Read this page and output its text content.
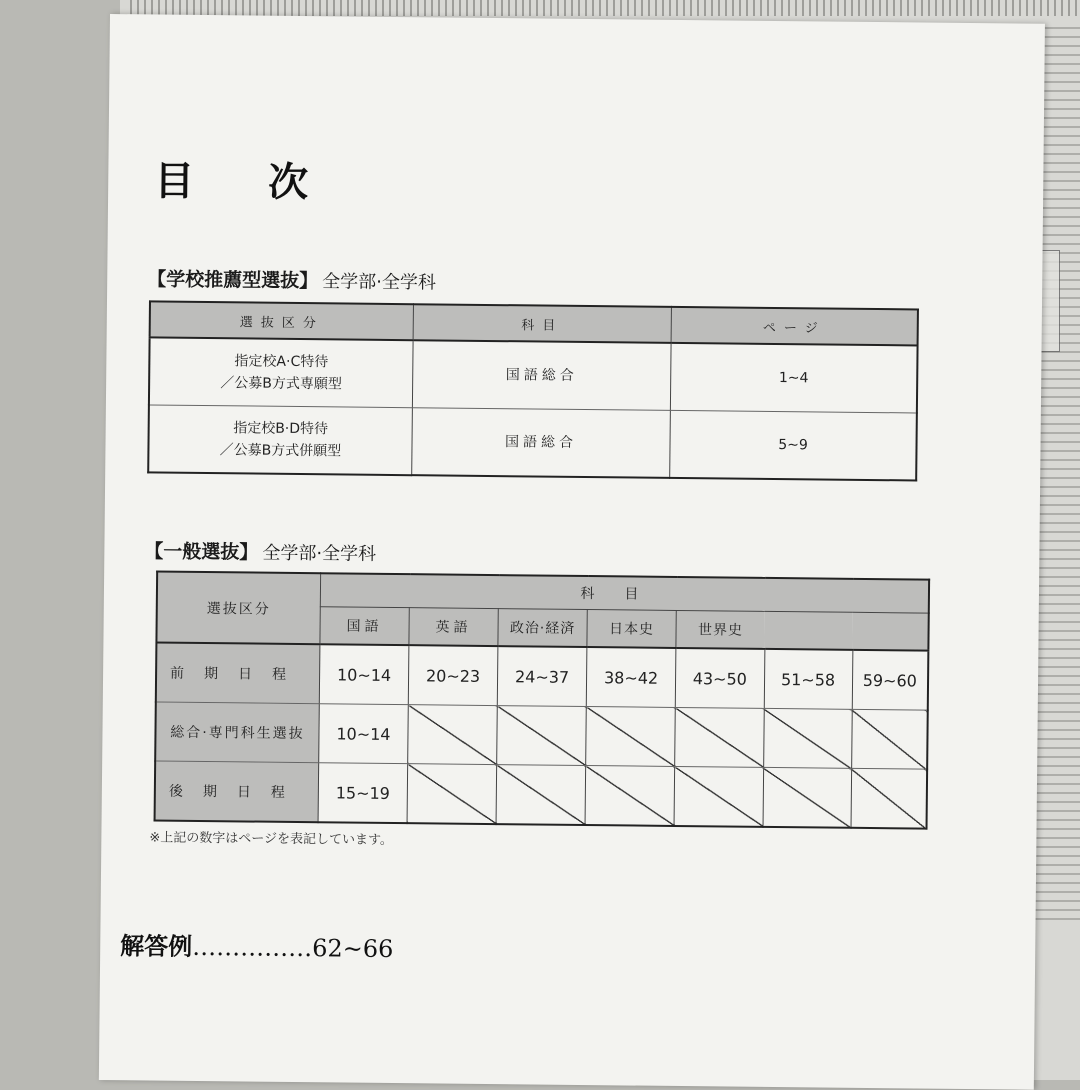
目 次
【学校推薦型選抜】 全学部·全学科
選抜区分	科目	ページ

指定校A·C特待
／公募B方式専願型	国語総合	1~4

指定校B·D特待
／公募B方式併願型	国語総合	5~9
【一般選抜】 全学部·全学科
選抜区分	科目						
	国語	英語	政治·経済	日本史	世界史		
前期日程	10~14	20~23	24~37	38~42	43~50	51~58	59~60
総合·専門科生選抜	10~14						
後期日程	15~19						
※上記の数字はページを表記しています。
解答例……………62~66
